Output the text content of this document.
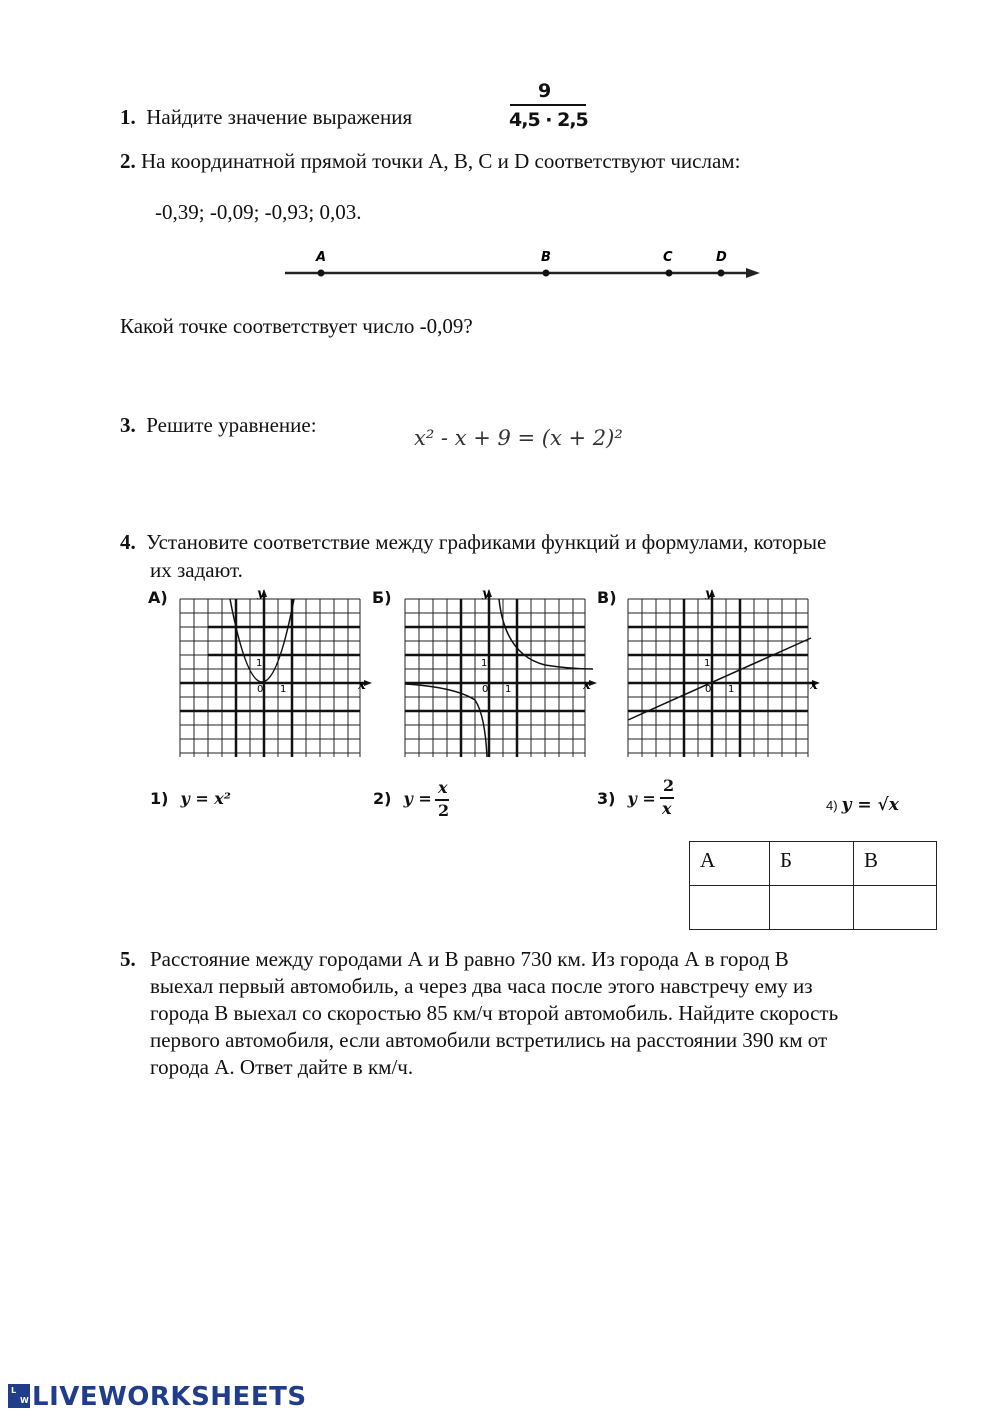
1. Найдите значение выражения
9
4,5 · 2,5
2. На координатной прямой точки A, B, C и D соответствуют числам:
-0,39; -0,09; -0,93; 0,03.
A	B	C	D
Какой точке соответствует число -0,09?
3. Решите уравнение:
x² - x + 9 = (x + 2)²
4. Установите соответствие между графиками функций и формулами, которые
их задают.
А)	Б)	В)
y
x
1
0 1
y
x
1
0 1
y
x
1
0 1
1) y = x²	2) y =
x
2
3) y =
2
x	4) y = √x
А	Б	В

5. Расстояние между городами А и В равно 730 км. Из города А в город В
выехал первый автомобиль, а через два часа после этого навстречу ему из
города В выехал со скоростью 85 км/ч второй автомобиль. Найдите скорость
первого автомобиля, если автомобили встретились на расстоянии 390 км от
города А. Ответ дайте в км/ч.
L
W LIVEWORKSHEETS
